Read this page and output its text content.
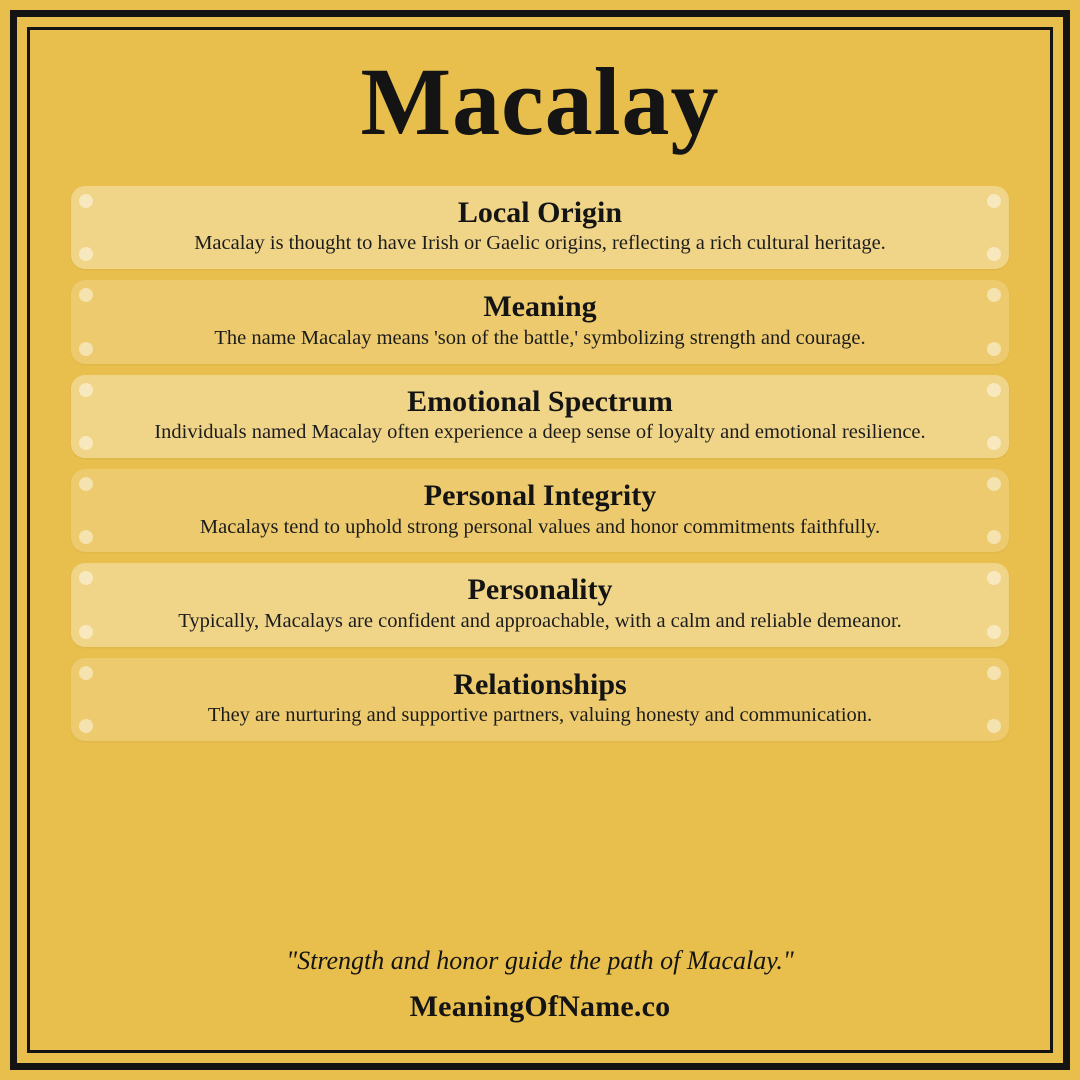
Macalay
Local Origin
Macalay is thought to have Irish or Gaelic origins, reflecting a rich cultural heritage.
Meaning
The name Macalay means 'son of the battle,' symbolizing strength and courage.
Emotional Spectrum
Individuals named Macalay often experience a deep sense of loyalty and emotional resilience.
Personal Integrity
Macalays tend to uphold strong personal values and honor commitments faithfully.
Personality
Typically, Macalays are confident and approachable, with a calm and reliable demeanor.
Relationships
They are nurturing and supportive partners, valuing honesty and communication.
"Strength and honor guide the path of Macalay."
MeaningOfName.co
